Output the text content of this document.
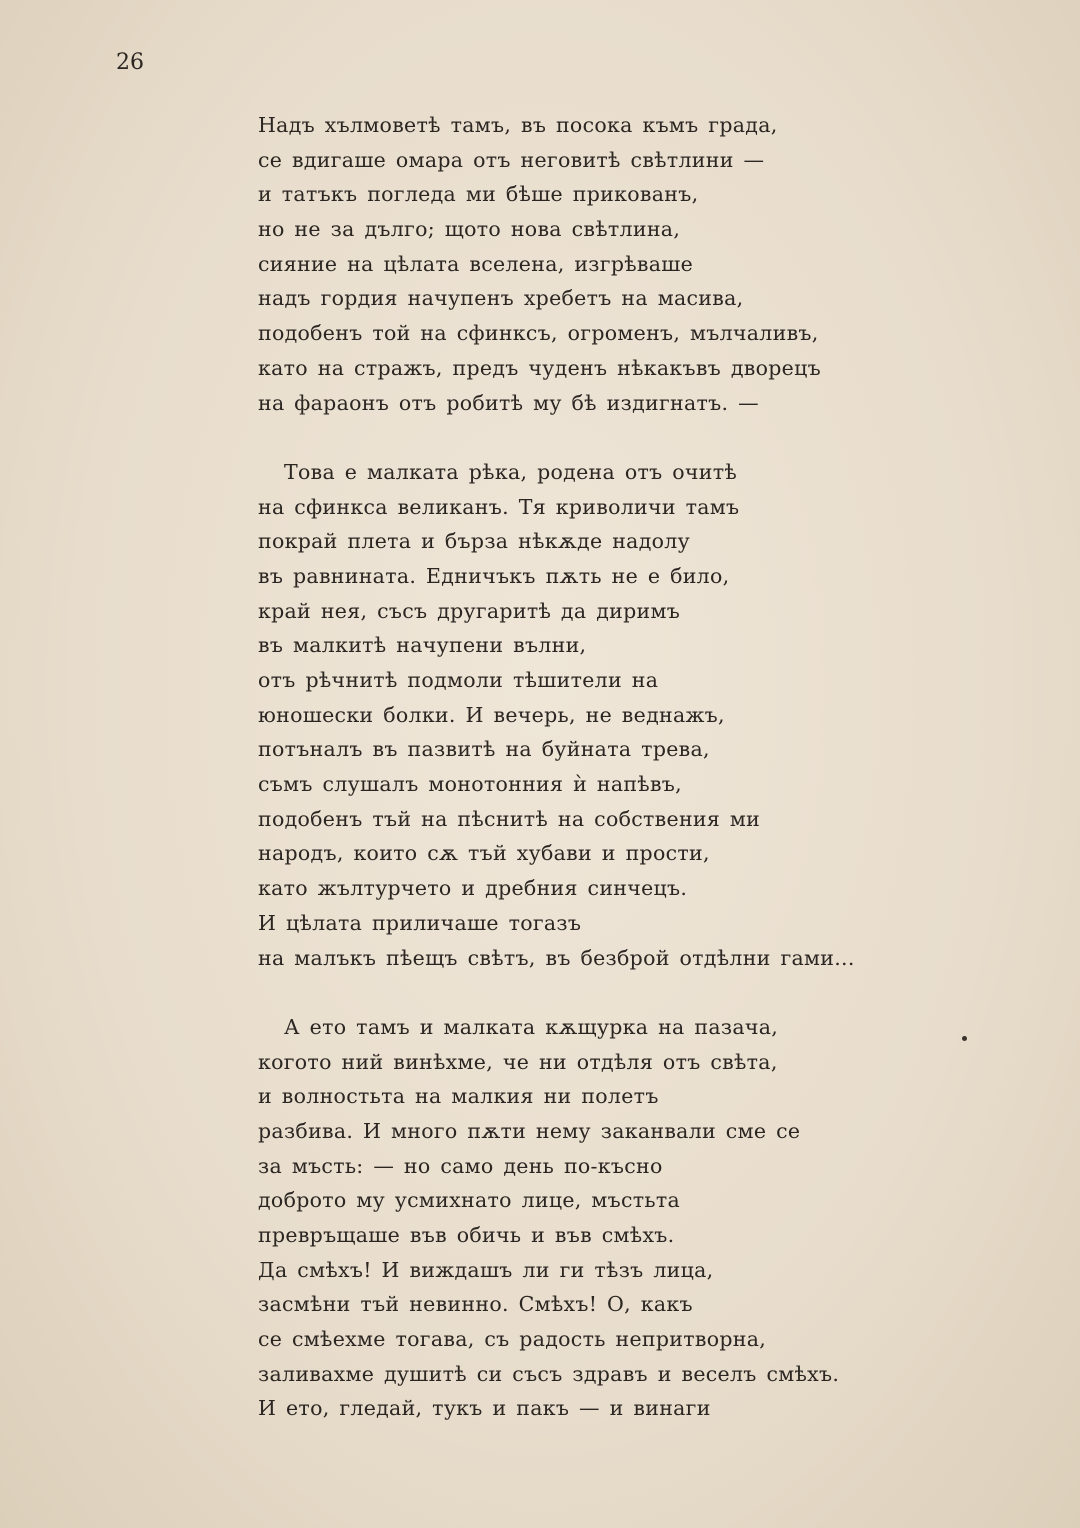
26
Надъ хълмоветѣ тамъ, въ посока къмъ града,
се вдигаше омара отъ неговитѣ свѣтлини —
и татъкъ погледа ми бѣше прикованъ,
но не за дълго; щото нова свѣтлина,
сияние на цѣлата вселена, изгрѣваше
надъ гордия начупенъ хребетъ на масива,
подобенъ той на сфинксъ, огроменъ, мълчаливъ,
като на стражъ, предъ чуденъ нѣкакъвъ дворецъ
на фараонъ отъ робитѣ му бѣ издигнатъ. —
Това е малката рѣка, родена отъ очитѣ
на сфинкса великанъ. Тя криволичи тамъ
покрай плета и бърза нѣкѫде надолу
въ равнината. Едничъкъ пѫть не е било,
край нея, съсъ другаритѣ да диримъ
въ малкитѣ начупени вълни,
отъ рѣчнитѣ подмоли тѣшители на
юношески болки. И вечерь, не веднажъ,
потъналъ въ пазвитѣ на буйната трева,
съмъ слушалъ монотонния ѝ напѣвъ,
подобенъ тъй на пѣснитѣ на собствения ми
народъ, които сѫ тъй хубави и прости,
като жълтурчето и дребния синчецъ.
И цѣлата приличаше тогазъ
на малъкъ пѣещъ свѣтъ, въ безброй отдѣлни гами...
А ето тамъ и малката кѫщурка на пазача,
когото ний винѣхме, че ни отдѣля отъ свѣта,
и волностьта на малкия ни полетъ
разбива. И много пѫти нему заканвали сме се
за мъсть: — но само день по-късно
доброто му усмихнато лице, мъстьта
превръщаше във обичь и във смѣхъ.
Да смѣхъ! И виждашъ ли ги тѣзъ лица,
засмѣни тъй невинно. Смѣхъ! О, какъ
се смѣехме тогава, съ радость непритворна,
заливахме душитѣ си съсъ здравъ и веселъ смѣхъ.
И ето, гледай, тукъ и пакъ — и винаги
